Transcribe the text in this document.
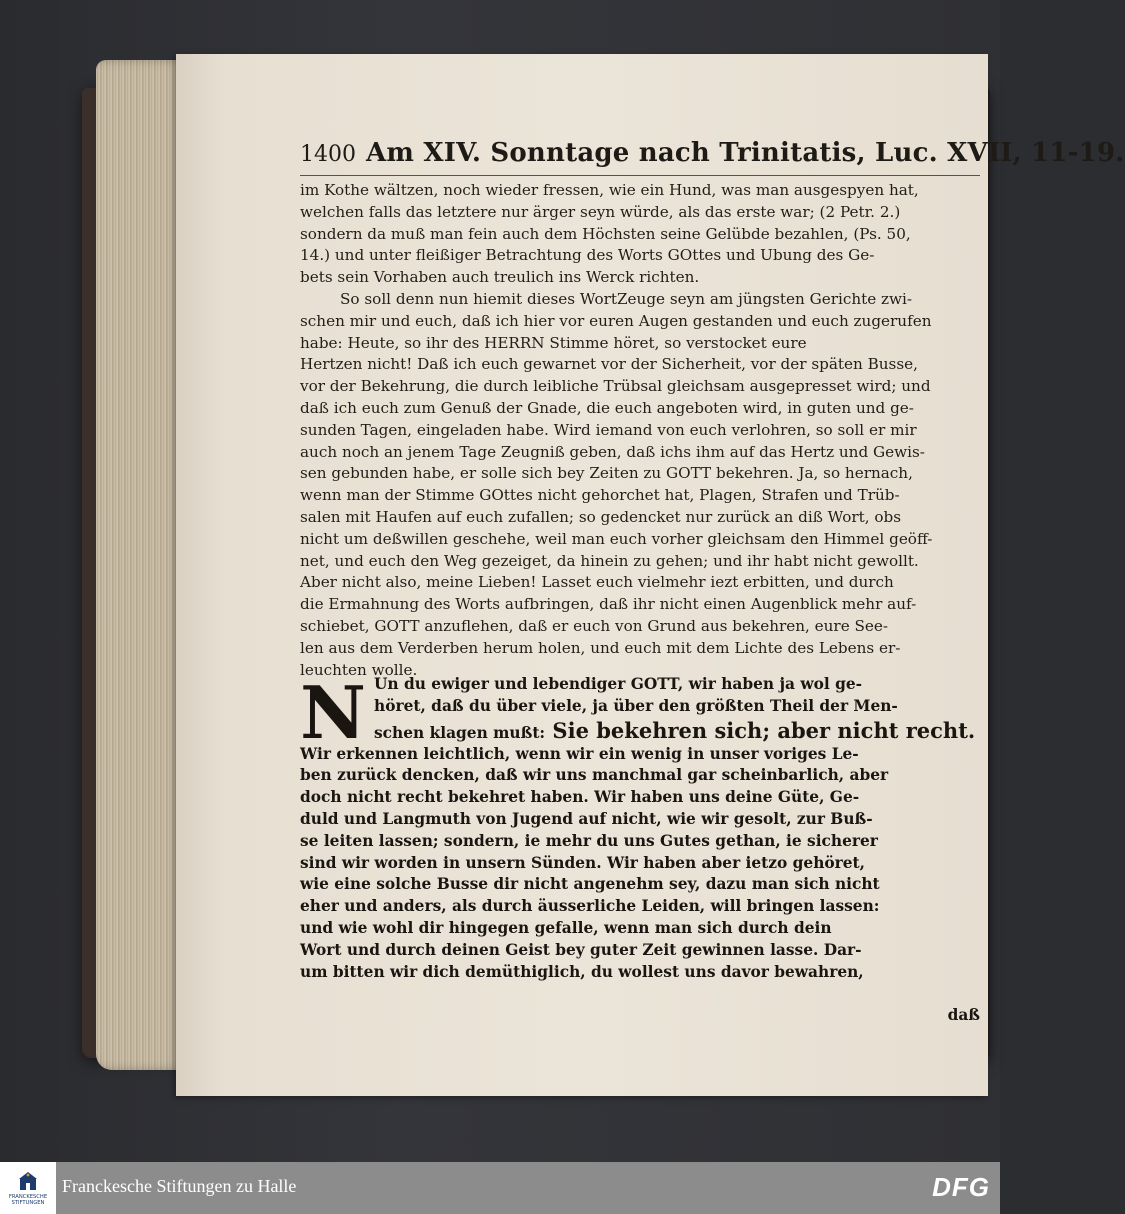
1400 Am XIV. Sonntage nach Trinitatis, Luc. XVII, 11-19.
im Kothe wältzen, noch wieder fressen, wie ein Hund, was man ausgespyen hat,
welchen falls das letztere nur ärger seyn würde, als das erste war; (2 Petr. 2.)
sondern da muß man fein auch dem Höchsten seine Gelübde bezahlen, (Ps. 50,
14.) und unter fleißiger Betrachtung des Worts GOttes und Ubung des Ge-
bets sein Vorhaben auch treulich ins Werck richten.
So soll denn nun hiemit dieses WortZeuge seyn am jüngsten Gerichte zwi-
schen mir und euch, daß ich hier vor euren Augen gestanden und euch zugerufen
habe: Heute, so ihr des HERRN Stimme höret, so verstocket eure
Hertzen nicht! Daß ich euch gewarnet vor der Sicherheit, vor der späten Busse,
vor der Bekehrung, die durch leibliche Trübsal gleichsam ausgepresset wird; und
daß ich euch zum Genuß der Gnade, die euch angeboten wird, in guten und ge-
sunden Tagen, eingeladen habe. Wird iemand von euch verlohren, so soll er mir
auch noch an jenem Tage Zeugniß geben, daß ichs ihm auf das Hertz und Gewis-
sen gebunden habe, er solle sich bey Zeiten zu GOTT bekehren. Ja, so hernach,
wenn man der Stimme GOttes nicht gehorchet hat, Plagen, Strafen und Trüb-
salen mit Haufen auf euch zufallen; so gedencket nur zurück an diß Wort, obs
nicht um deßwillen geschehe, weil man euch vorher gleichsam den Himmel geöff-
net, und euch den Weg gezeiget, da hinein zu gehen; und ihr habt nicht gewollt.
Aber nicht also, meine Lieben! Lasset euch vielmehr iezt erbitten, und durch
die Ermahnung des Worts aufbringen, daß ihr nicht einen Augenblick mehr auf-
schiebet, GOTT anzuflehen, daß er euch von Grund aus bekehren, eure See-
len aus dem Verderben herum holen, und euch mit dem Lichte des Lebens er-
leuchten wolle.
N Un du ewiger und lebendiger GOTT, wir haben ja wol ge-
höret, daß du über viele, ja über den größten Theil der Men-
schen klagen mußt: Sie bekehren sich; aber nicht recht.
Wir erkennen leichtlich, wenn wir ein wenig in unser voriges Le-
ben zurück dencken, daß wir uns manchmal gar scheinbarlich, aber
doch nicht recht bekehret haben. Wir haben uns deine Güte, Ge-
duld und Langmuth von Jugend auf nicht, wie wir gesolt, zur Buß-
se leiten lassen; sondern, ie mehr du uns Gutes gethan, ie sicherer
sind wir worden in unsern Sünden. Wir haben aber ietzo gehöret,
wie eine solche Busse dir nicht angenehm sey, dazu man sich nicht
eher und anders, als durch äusserliche Leiden, will bringen lassen:
und wie wohl dir hingegen gefalle, wenn man sich durch dein
Wort und durch deinen Geist bey guter Zeit gewinnen lasse. Dar-
um bitten wir dich demüthiglich, du wollest uns davor bewahren,
daß
FRANCKESCHE STIFTUNGEN
Franckesche Stiftungen zu Halle	DFG
